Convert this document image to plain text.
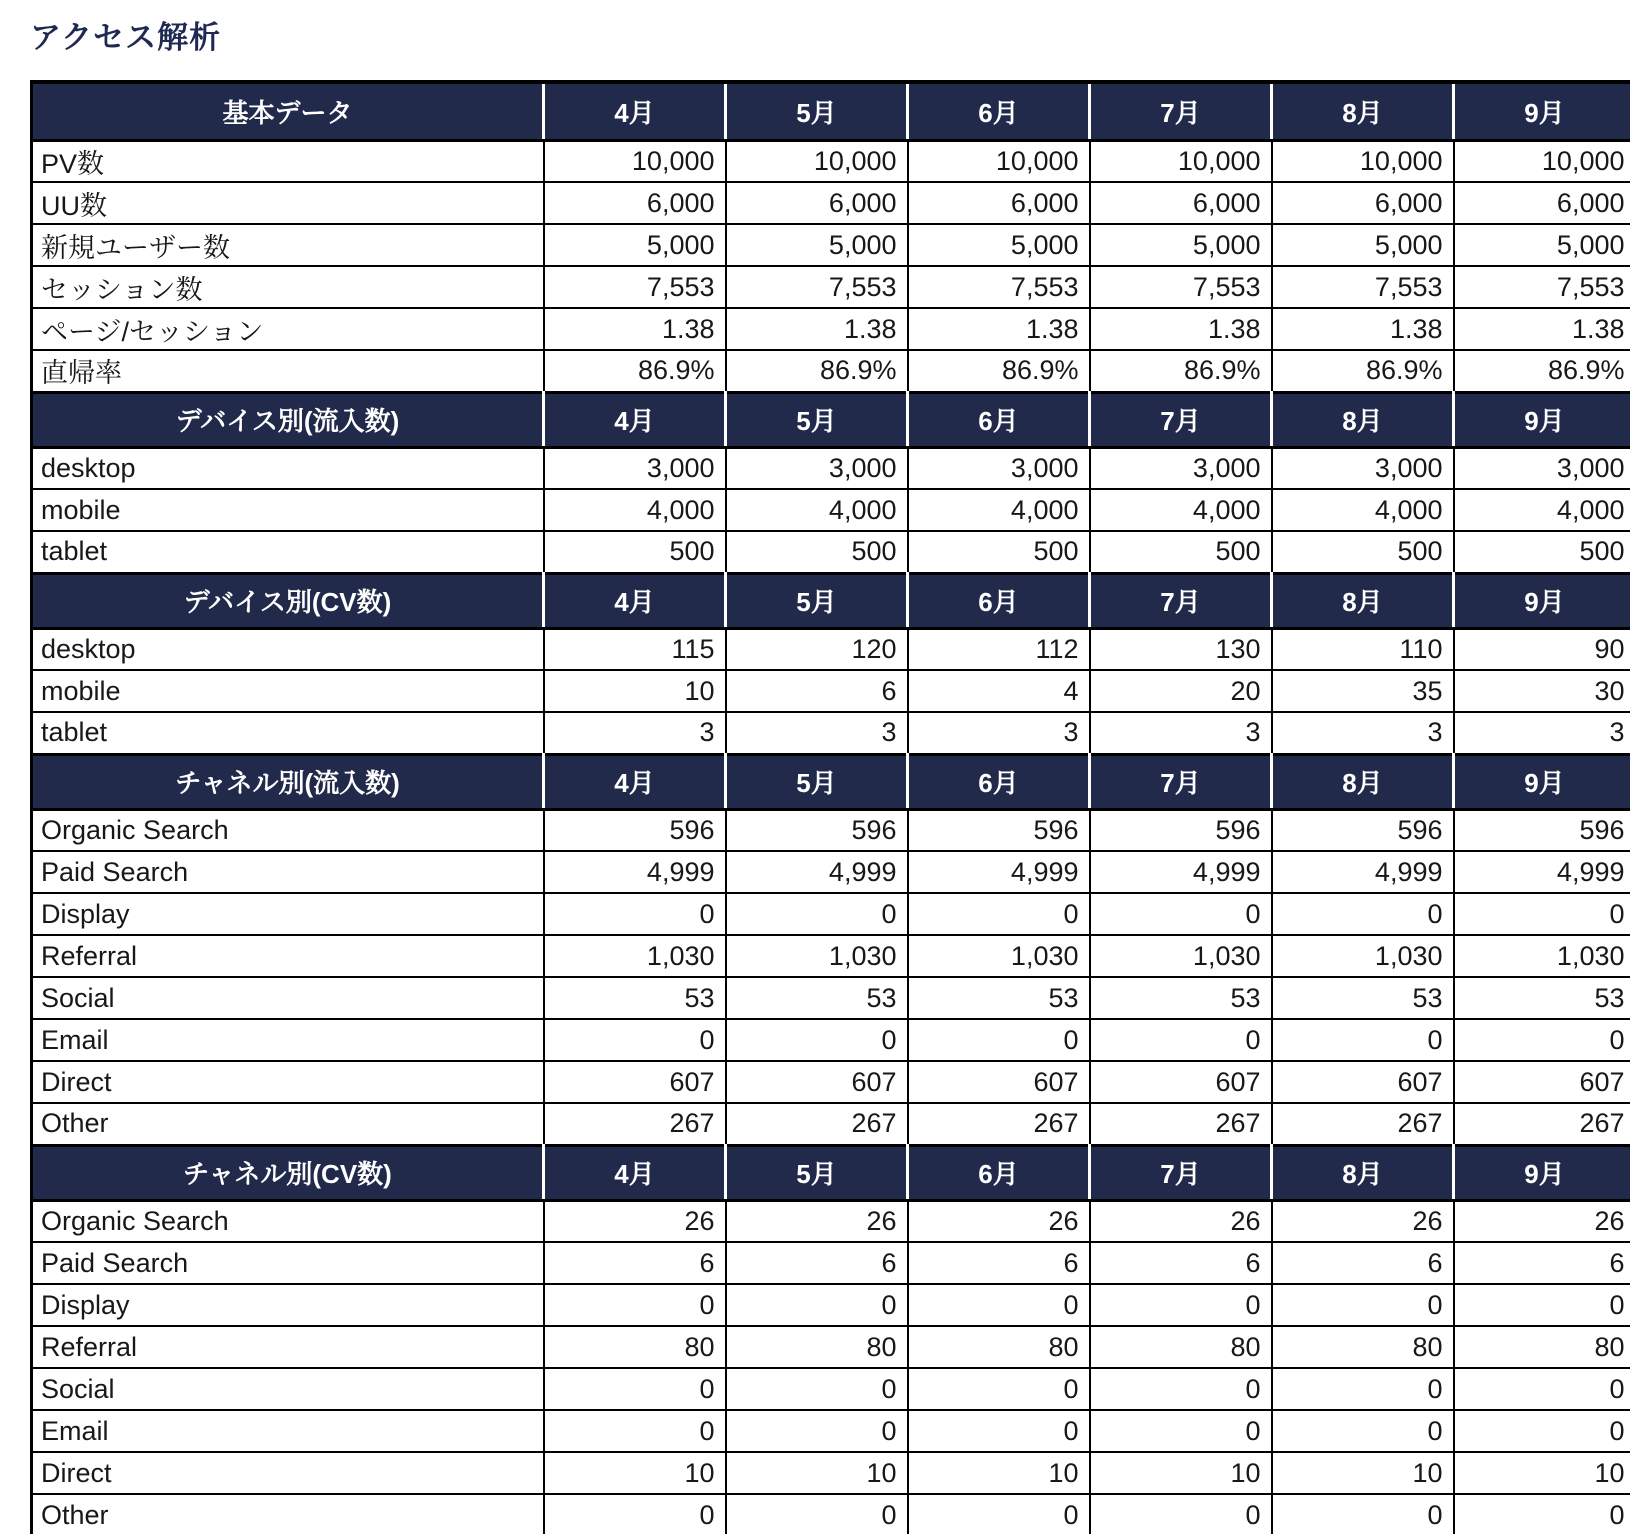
アクセス解析
基本データ	4月	5月	6月	7月	8月	9月
PV数	10,000	10,000	10,000	10,000	10,000	10,000
UU数	6,000	6,000	6,000	6,000	6,000	6,000
新規ユーザー数	5,000	5,000	5,000	5,000	5,000	5,000
セッション数	7,553	7,553	7,553	7,553	7,553	7,553
ページ/セッション	1.38	1.38	1.38	1.38	1.38	1.38
直帰率	86.9%	86.9%	86.9%	86.9%	86.9%	86.9%
デバイス別(流入数)	4月	5月	6月	7月	8月	9月
desktop	3,000	3,000	3,000	3,000	3,000	3,000
mobile	4,000	4,000	4,000	4,000	4,000	4,000
tablet	500	500	500	500	500	500
デバイス別(CV数)	4月	5月	6月	7月	8月	9月
desktop	115	120	112	130	110	90
mobile	10	6	4	20	35	30
tablet	3	3	3	3	3	3
チャネル別(流入数)	4月	5月	6月	7月	8月	9月
Organic Search	596	596	596	596	596	596
Paid Search	4,999	4,999	4,999	4,999	4,999	4,999
Display	0	0	0	0	0	0
Referral	1,030	1,030	1,030	1,030	1,030	1,030
Social	53	53	53	53	53	53
Email	0	0	0	0	0	0
Direct	607	607	607	607	607	607
Other	267	267	267	267	267	267
チャネル別(CV数)	4月	5月	6月	7月	8月	9月
Organic Search	26	26	26	26	26	26
Paid Search	6	6	6	6	6	6
Display	0	0	0	0	0	0
Referral	80	80	80	80	80	80
Social	0	0	0	0	0	0
Email	0	0	0	0	0	0
Direct	10	10	10	10	10	10
Other	0	0	0	0	0	0
